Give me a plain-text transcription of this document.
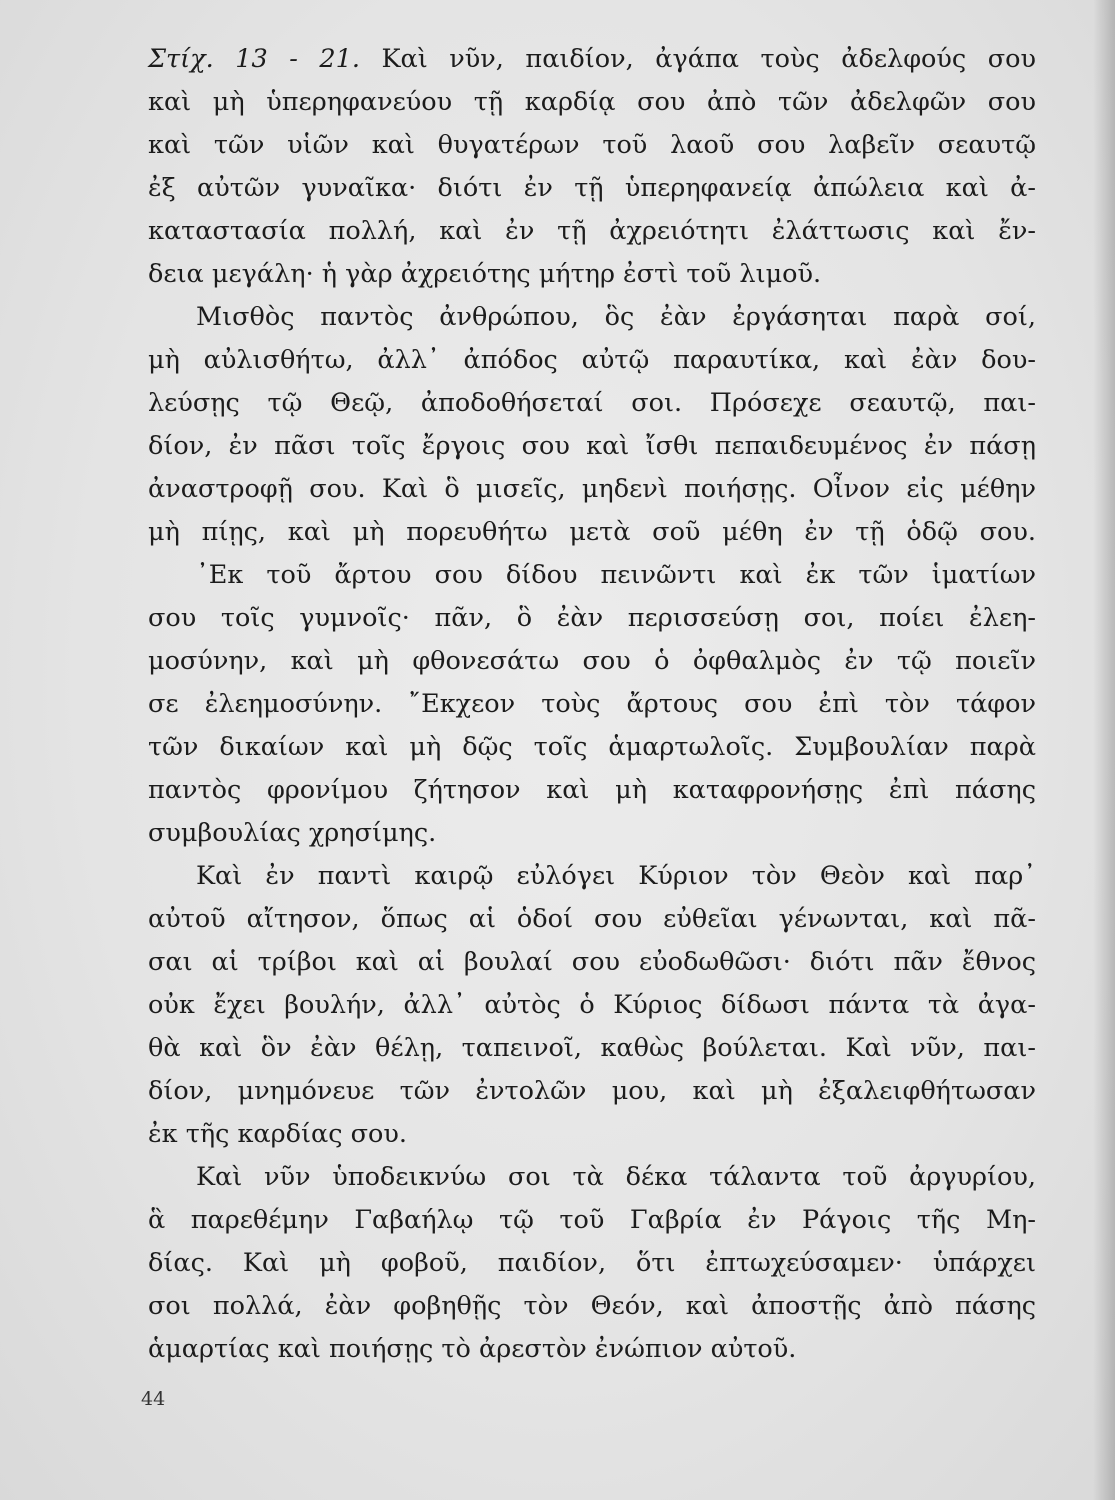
Στίχ. 13 - 21. Καὶ νῦν, παιδίον, ἀγάπα τοὺς ἀδελφούς σου
καὶ μὴ ὑπερηφανεύου τῇ καρδίᾳ σου ἀπὸ τῶν ἀδελφῶν σου
καὶ τῶν υἱῶν καὶ θυγατέρων τοῦ λαοῦ σου λαβεῖν σεαυτῷ
ἐξ αὐτῶν γυναῖκα· διότι ἐν τῇ ὑπερηφανείᾳ ἀπώλεια καὶ ἀ-
καταστασία πολλή, καὶ ἐν τῇ ἀχρειότητι ἐλάττωσις καὶ ἔν-
δεια μεγάλη· ἡ γὰρ ἀχρειότης μήτηρ ἐστὶ τοῦ λιμοῦ.

Μισθὸς παντὸς ἀνθρώπου, ὃς ἐὰν ἐργάσηται παρὰ σοί,
μὴ αὐλισθήτω, ἀλλ᾽ ἀπόδος αὐτῷ παραυτίκα, καὶ ἐὰν δου-
λεύσῃς τῷ Θεῷ, ἀποδοθήσεταί σοι. Πρόσεχε σεαυτῷ, παι-
δίον, ἐν πᾶσι τοῖς ἔργοις σου καὶ ἴσθι πεπαιδευμένος ἐν πάσῃ
ἀναστροφῇ σου. Καὶ ὃ μισεῖς, μηδενὶ ποιήσῃς. Οἶνον εἰς μέθην
μὴ πίῃς, καὶ μὴ πορευθήτω μετὰ σοῦ μέθη ἐν τῇ ὁδῷ σου.

᾽Εκ τοῦ ἄρτου σου δίδου πεινῶντι καὶ ἐκ τῶν ἱματίων
σου τοῖς γυμνοῖς· πᾶν, ὃ ἐὰν περισσεύσῃ σοι, ποίει ἐλεη-
μοσύνην, καὶ μὴ φθονεσάτω σου ὁ ὀφθαλμὸς ἐν τῷ ποιεῖν
σε ἐλεημοσύνην. ῎Εκχεον τοὺς ἄρτους σου ἐπὶ τὸν τάφον
τῶν δικαίων καὶ μὴ δῷς τοῖς ἁμαρτωλοῖς. Συμβουλίαν παρὰ
παντὸς φρονίμου ζήτησον καὶ μὴ καταφρονήσῃς ἐπὶ πάσης
συμβουλίας χρησίμης.

Καὶ ἐν παντὶ καιρῷ εὐλόγει Κύριον τὸν Θεὸν καὶ παρ᾽
αὐτοῦ αἴτησον, ὅπως αἱ ὁδοί σου εὐθεῖαι γένωνται, καὶ πᾶ-
σαι αἱ τρίβοι καὶ αἱ βουλαί σου εὐοδωθῶσι· διότι πᾶν ἔθνος
οὐκ ἔχει βουλήν, ἀλλ᾽ αὐτὸς ὁ Κύριος δίδωσι πάντα τὰ ἀγα-
θὰ καὶ ὃν ἐὰν θέλῃ, ταπεινοῖ, καθὼς βούλεται. Καὶ νῦν, παι-
δίον, μνημόνευε τῶν ἐντολῶν μου, καὶ μὴ ἐξαλειφθήτωσαν
ἐκ τῆς καρδίας σου.

Καὶ νῦν ὑποδεικνύω σοι τὰ δέκα τάλαντα τοῦ ἀργυρίου,
ἃ παρεθέμην Γαβαήλῳ τῷ τοῦ Γαβρία ἐν Ράγοις τῆς Μη-
δίας. Καὶ μὴ φοβοῦ, παιδίον, ὅτι ἐπτωχεύσαμεν· ὑπάρχει
σοι πολλά, ἐὰν φοβηθῇς τὸν Θεόν, καὶ ἀποστῇς ἀπὸ πάσης
ἁμαρτίας καὶ ποιήσῃς τὸ ἀρεστὸν ἐνώπιον αὐτοῦ.

44
